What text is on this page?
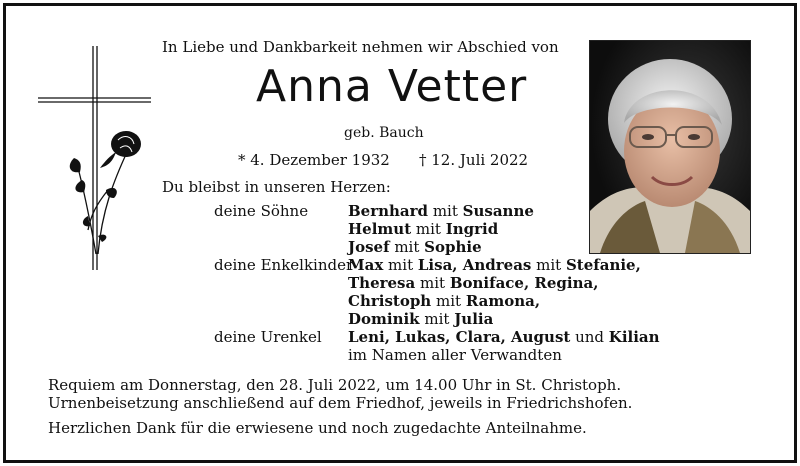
In Liebe und Dankbarkeit nehmen wir Abschied von
Anna Vetter
geb. Bauch
* 4. Dezember 1932 † 12. Juli 2022
Du bleibst in unseren Herzen:
deine Söhne	Bernhard mit Susanne
Helmut mit Ingrid
Josef mit Sophie
deine Enkelkinder
Max mit Lisa, Andreas mit Stefanie,
Theresa mit Boniface, Regina,
Christoph mit Ramona,
Dominik mit Julia
deine Urenkel Leni, Lukas, Clara, August und Kilian
im Namen aller Verwandten
Requiem am Donnerstag, den 28. Juli 2022, um 14.00 Uhr in St. Christoph. Urnenbeisetzung anschließend auf dem Friedhof, jeweils in Friedrichshofen.
Herzlichen Dank für die erwiesene und noch zugedachte Anteilnahme.
